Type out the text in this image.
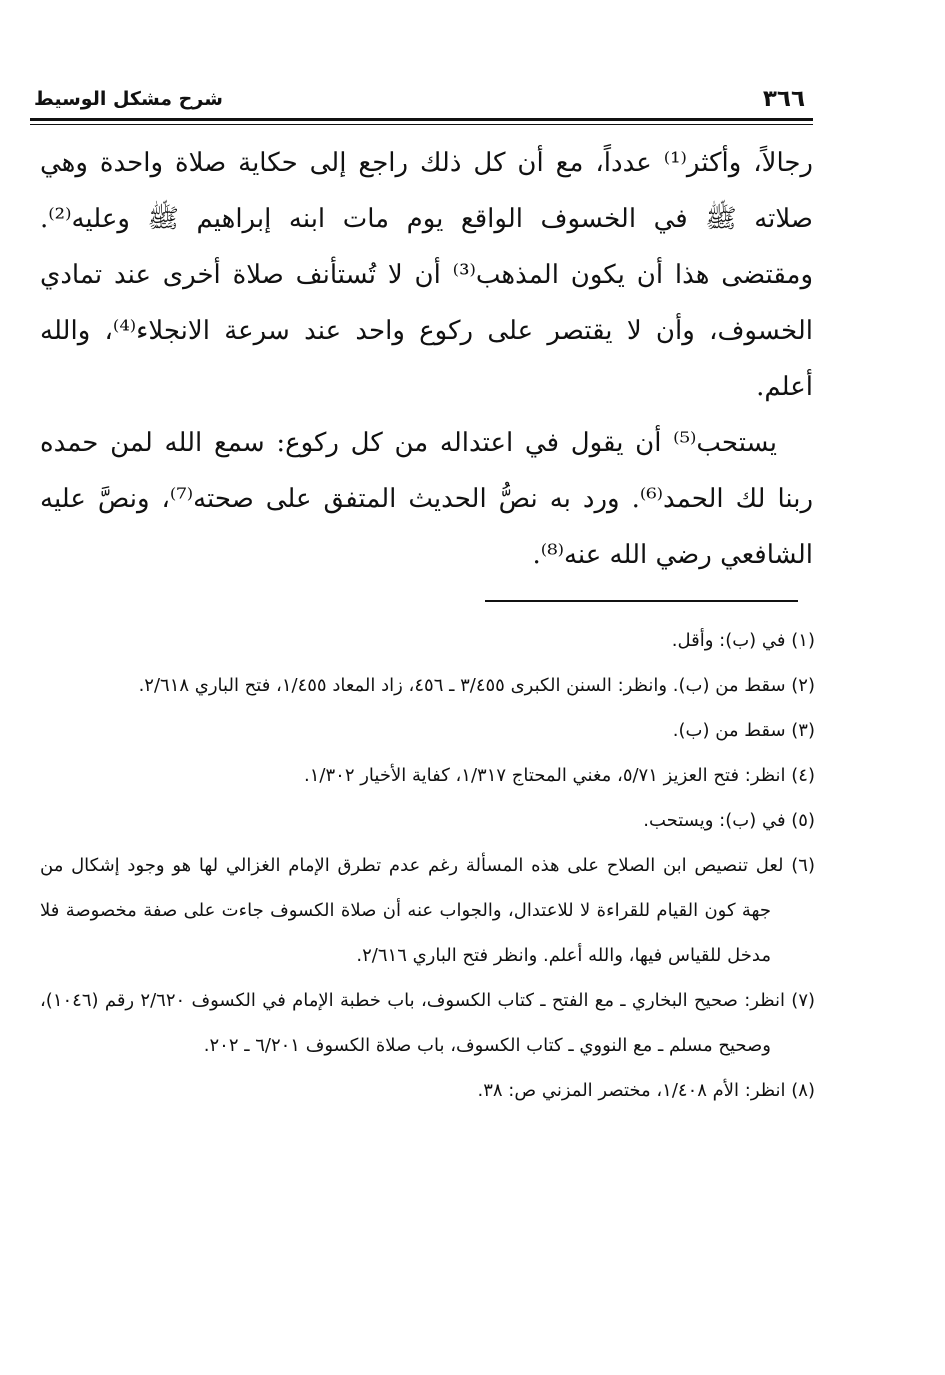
٣٦٦
شرح مشكل الوسيط

رجالاً، وأكثر⁽¹⁾ عدداً، مع أن كل ذلك راجع إلى حكاية صلاة واحدة وهي صلاته ﷺ في الخسوف الواقع يوم مات ابنه إبراهيم ﷺ وعليه⁽²⁾. ومقتضى هذا أن يكون المذهب⁽³⁾ أن لا تُستأنف صلاة أخرى عند تمادي الخسوف، وأن لا يقتصر على ركوع واحد عند سرعة الانجلاء⁽⁴⁾، والله أعلم.

يستحب⁽⁵⁾ أن يقول في اعتداله من كل ركوع: سمع الله لمن حمده ربنا لك الحمد⁽⁶⁾. ورد به نصُّ الحديث المتفق على صحته⁽⁷⁾، ونصَّ عليه الشافعي رضي الله عنه⁽⁸⁾.

(١) في (ب): وأقل.
(٢) سقط من (ب). وانظر: السنن الكبرى ٣/٤٥٥ ـ ٤٥٦، زاد المعاد ١/٤٥٥، فتح الباري ٢/٦١٨.
(٣) سقط من (ب).
(٤) انظر: فتح العزيز ٥/٧١، مغني المحتاج ١/٣١٧، كفاية الأخيار ١/٣٠٢.
(٥) في (ب): ويستحب.
(٦) لعل تنصيص ابن الصلاح على هذه المسألة رغم عدم تطرق الإمام الغزالي لها هو وجود إشكال من جهة كون القيام للقراءة لا للاعتدال، والجواب عنه أن صلاة الكسوف جاءت على صفة مخصوصة فلا مدخل للقياس فيها، والله أعلم. وانظر فتح الباري ٢/٦١٦.
(٧) انظر: صحيح البخاري ـ مع الفتح ـ كتاب الكسوف، باب خطبة الإمام في الكسوف ٢/٦٢٠ رقم (١٠٤٦)، وصحيح مسلم ـ مع النووي ـ كتاب الكسوف، باب صلاة الكسوف ٦/٢٠١ ـ ٢٠٢.
(٨) انظر: الأم ١/٤٠٨، مختصر المزني ص: ٣٨.
